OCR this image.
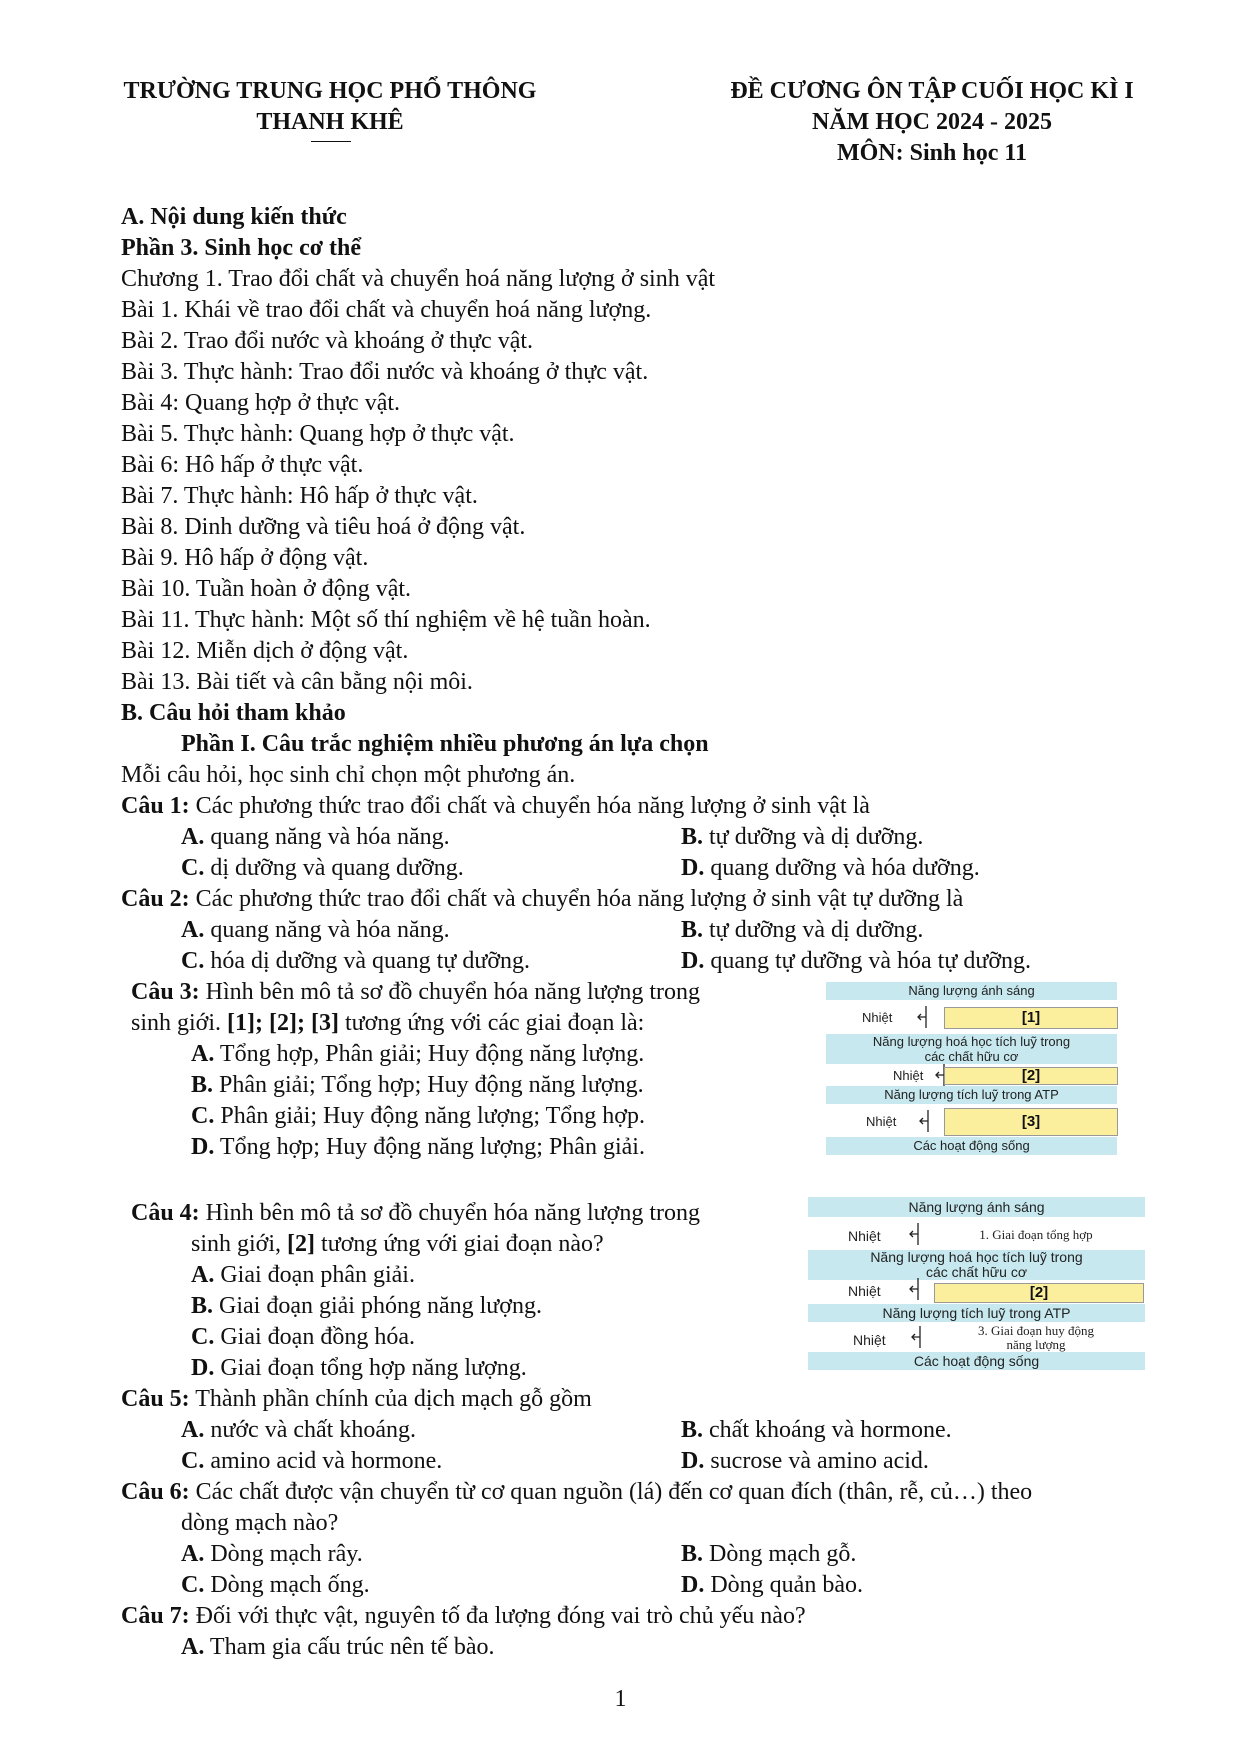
TRƯỜNG TRUNG HỌC PHỔ THÔNG
THANH KHÊ
ĐỀ CƯƠNG ÔN TẬP CUỐI HỌC KÌ I
NĂM HỌC 2024 - 2025
MÔN: Sinh học 11
A. Nội dung kiến thức
Phần 3. Sinh học cơ thể
Chương 1. Trao đổi chất và chuyển hoá năng lượng ở sinh vật
Bài 1. Khái về trao đổi chất và chuyển hoá năng lượng.
Bài 2. Trao đổi nước và khoáng ở thực vật.
Bài 3. Thực hành: Trao đổi nước và khoáng ở thực vật.
Bài 4: Quang hợp ở thực vật.
Bài 5. Thực hành: Quang hợp ở thực vật.
Bài 6: Hô hấp ở thực vật.
Bài 7. Thực hành: Hô hấp ở thực vật.
Bài 8. Dinh dưỡng và tiêu hoá ở động vật.
Bài 9. Hô hấp ở động vật.
Bài 10. Tuần hoàn ở động vật.
Bài 11. Thực hành: Một số thí nghiệm về hệ tuần hoàn.
Bài 12. Miễn dịch ở động vật.
Bài 13. Bài tiết và cân bằng nội môi.
B. Câu hỏi tham khảo
Phần I. Câu trắc nghiệm nhiều phương án lựa chọn
Mỗi câu hỏi, học sinh chỉ chọn một phương án.
Câu 1: Các phương thức trao đổi chất và chuyển hóa năng lượng ở sinh vật là
A. quang năng và hóa năng.	B. tự dưỡng và dị dưỡng.
C. dị dưỡng và quang dưỡng.	D. quang dưỡng và hóa dưỡng.
Câu 2: Các phương thức trao đổi chất và chuyển hóa năng lượng ở sinh vật tự dưỡng là
A. quang năng và hóa năng.	B. tự dưỡng và dị dưỡng.
C. hóa dị dưỡng và quang tự dưỡng.	D. quang tự dưỡng và hóa tự dưỡng.
Câu 3: Hình bên mô tả sơ đồ chuyển hóa năng lượng trong
sinh giới. [1]; [2]; [3] tương ứng với các giai đoạn là:
A. Tổng hợp, Phân giải; Huy động năng lượng.
B. Phân giải; Tổng hợp; Huy động năng lượng.
C. Phân giải; Huy động năng lượng; Tổng hợp.
D. Tổng hợp; Huy động năng lượng; Phân giải.
Năng lượng ánh sáng
Nhiệt	[1]
Năng lượng hoá học tích luỹ trong
các chất hữu cơ
Nhiệt	[2]
Năng lượng tích luỹ trong ATP
Nhiệt	[3]
Các hoạt động sống
Câu 4: Hình bên mô tả sơ đồ chuyển hóa năng lượng trong
sinh giới, [2] tương ứng với giai đoạn nào?
A. Giai đoạn phân giải.
B. Giai đoạn giải phóng năng lượng.
C. Giai đoạn đồng hóa.
D. Giai đoạn tổng hợp năng lượng.
Năng lượng ánh sáng
Nhiệt	1. Giai đoạn tổng hợp
Năng lượng hoá học tích luỹ trong
các chất hữu cơ
Nhiệt	[2]
Năng lượng tích luỹ trong ATP
Nhiệt
3. Giai đoạn huy động
năng lượng
Các hoạt động sống
Câu 5: Thành phần chính của dịch mạch gỗ gồm
A. nước và chất khoáng.	B. chất khoáng và hormone.
C. amino acid và hormone.	D. sucrose và amino acid.
Câu 6: Các chất được vận chuyển từ cơ quan nguồn (lá) đến cơ quan đích (thân, rễ, củ…) theo
dòng mạch nào?
A. Dòng mạch rây.	B. Dòng mạch gỗ.
C. Dòng mạch ống.	D. Dòng quản bào.
Câu 7: Đối với thực vật, nguyên tố đa lượng đóng vai trò chủ yếu nào?
A. Tham gia cấu trúc nên tế bào.
1
